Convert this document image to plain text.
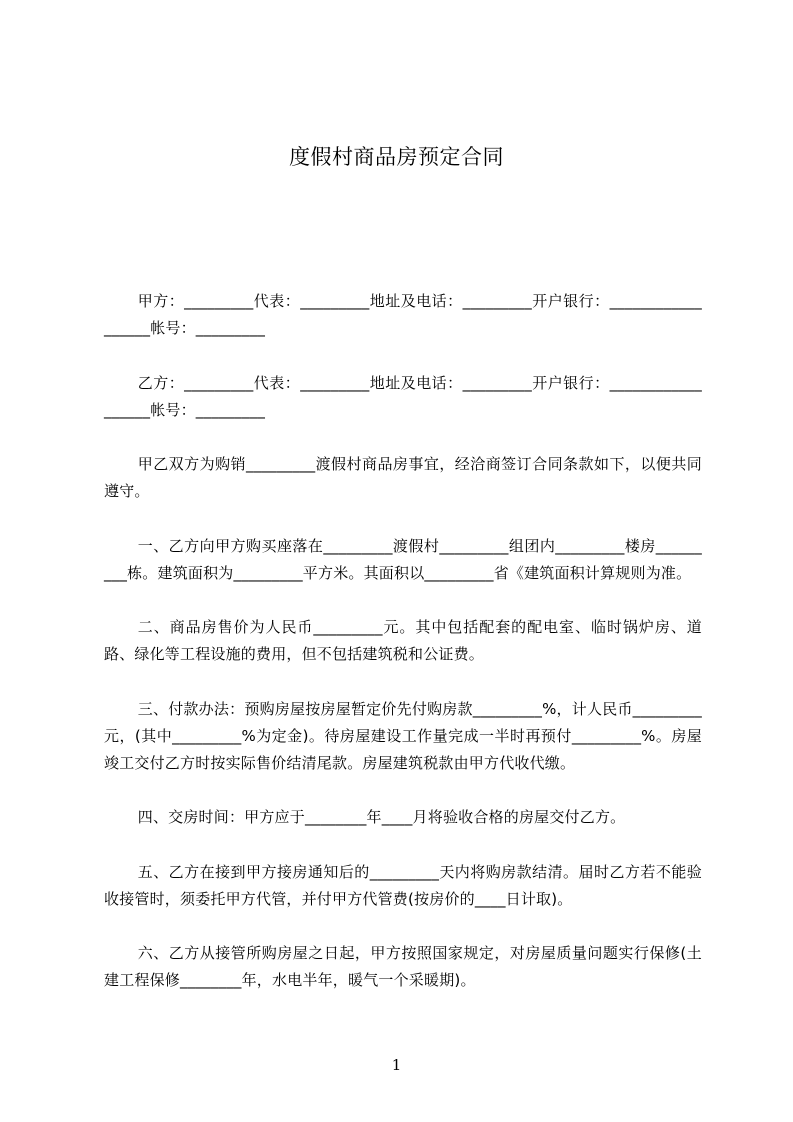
度假村商品房预定合同

甲方：_________代表：_________地址及电话：_________开户银行：__________________帐号：_________

乙方：_________代表：_________地址及电话：_________开户银行：__________________帐号：_________

甲乙双方为购销_________渡假村商品房事宜，经洽商签订合同条款如下，以便共同遵守。

一、乙方向甲方购买座落在_________渡假村_________组团内_________楼房_________栋。建筑面积为_________平方米。其面积以_________省《建筑面积计算规则为准。

二、商品房售价为人民币_________元。其中包括配套的配电室、临时锅炉房、道路、绿化等工程设施的费用，但不包括建筑税和公证费。

三、付款办法：预购房屋按房屋暂定价先付购房款_________%，计人民币_________元，(其中_________%为定金)。待房屋建设工作量完成一半时再预付_________%。房屋竣工交付乙方时按实际售价结清尾款。房屋建筑税款由甲方代收代缴。

四、交房时间：甲方应于________年____月将验收合格的房屋交付乙方。

五、乙方在接到甲方接房通知后的_________天内将购房款结清。届时乙方若不能验收接管时，须委托甲方代管，并付甲方代管费(按房价的____日计取)。

六、乙方从接管所购房屋之日起，甲方按照国家规定，对房屋质量问题实行保修(土建工程保修________年，水电半年，暖气一个采暖期)。

1
